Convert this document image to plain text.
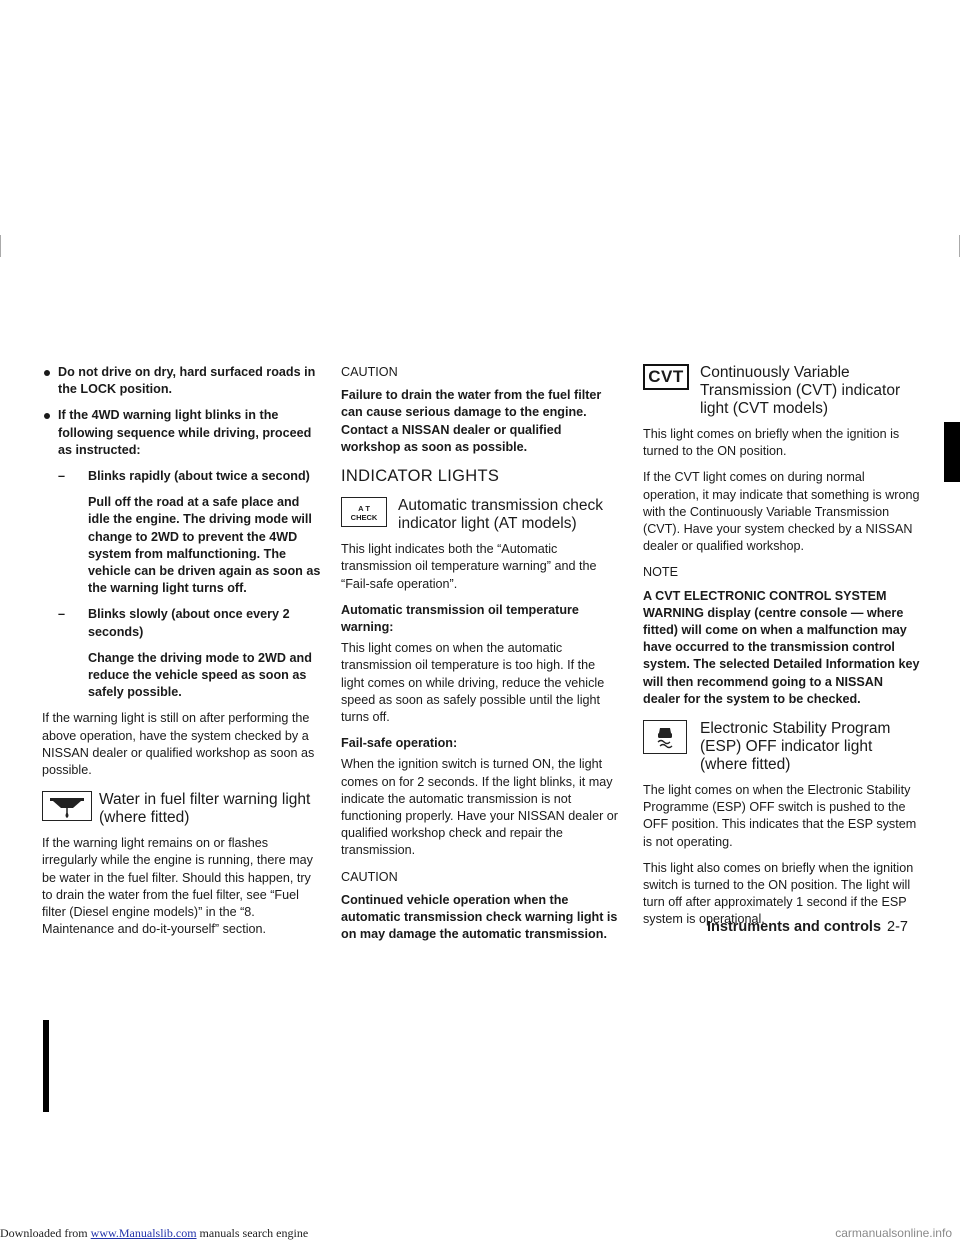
Do not drive on dry, hard surfaced roads in the LOCK position.
If the 4WD warning light blinks in the following sequence while driving, proceed as instructed:
– Blinks rapidly (about twice a second)

Pull off the road at a safe place and idle the engine. The driving mode will change to 2WD to prevent the 4WD system from malfunctioning. The vehicle can be driven again as soon as the warning light turns off.

– Blinks slowly (about once every 2 seconds)

Change the driving mode to 2WD and reduce the vehicle speed as soon as safely possible.

If the warning light is still on after performing the above operation, have the system checked by a NISSAN dealer or qualified workshop as soon as possible.

Water in fuel filter warning light (where fitted)

If the warning light remains on or flashes irregularly while the engine is running, there may be water in the fuel filter. Should this happen, try to drain the water from the fuel filter, see “Fuel filter (Diesel engine models)” in the “8. Maintenance and do-it-yourself” section.

CAUTION

Failure to drain the water from the fuel filter can cause serious damage to the engine. Contact a NISSAN dealer or qualified workshop as soon as possible.

INDICATOR LIGHTS
A T
CHECK
Automatic transmission check indicator light (AT models)

This light indicates both the “Automatic transmission oil temperature warning” and the “Fail-safe operation”.

Automatic transmission oil temperature warning:

This light comes on when the automatic transmission oil temperature is too high. If the light comes on while driving, reduce the vehicle speed as soon as safely possible until the light turns off.

Fail-safe operation:

When the ignition switch is turned ON, the light comes on for 2 seconds. If the light blinks, it may indicate the automatic transmission is not functioning properly. Have your NISSAN dealer or qualified workshop check and repair the transmission.

CAUTION

Continued vehicle operation when the automatic transmission check warning light is on may damage the automatic transmission.

CVT	Continuously Variable Transmission (CVT) indicator light (CVT models)

This light comes on briefly when the ignition is turned to the ON position.

If the CVT light comes on during normal operation, it may indicate that something is wrong with the Continuously Variable Transmission (CVT). Have your system checked by a NISSAN dealer or qualified workshop.

NOTE

A CVT ELECTRONIC CONTROL SYSTEM WARNING display (centre console — where fitted) will come on when a malfunction may have occurred to the transmission control system. The selected Detailed Information key will then recommend going to a NISSAN dealer for the system to be checked.

Electronic Stability Program (ESP) OFF indicator light (where fitted)

The light comes on when the Electronic Stability Programme (ESP) OFF switch is pushed to the OFF position. This indicates that the ESP system is not operating.

This light also comes on briefly when the ignition switch is turned to the ON position. The light will turn off after approximately 1 second if the ESP system is operational.

Instruments and controls 2-7
Downloaded from www.Manualslib.com manuals search engine	carmanualsonline.info
